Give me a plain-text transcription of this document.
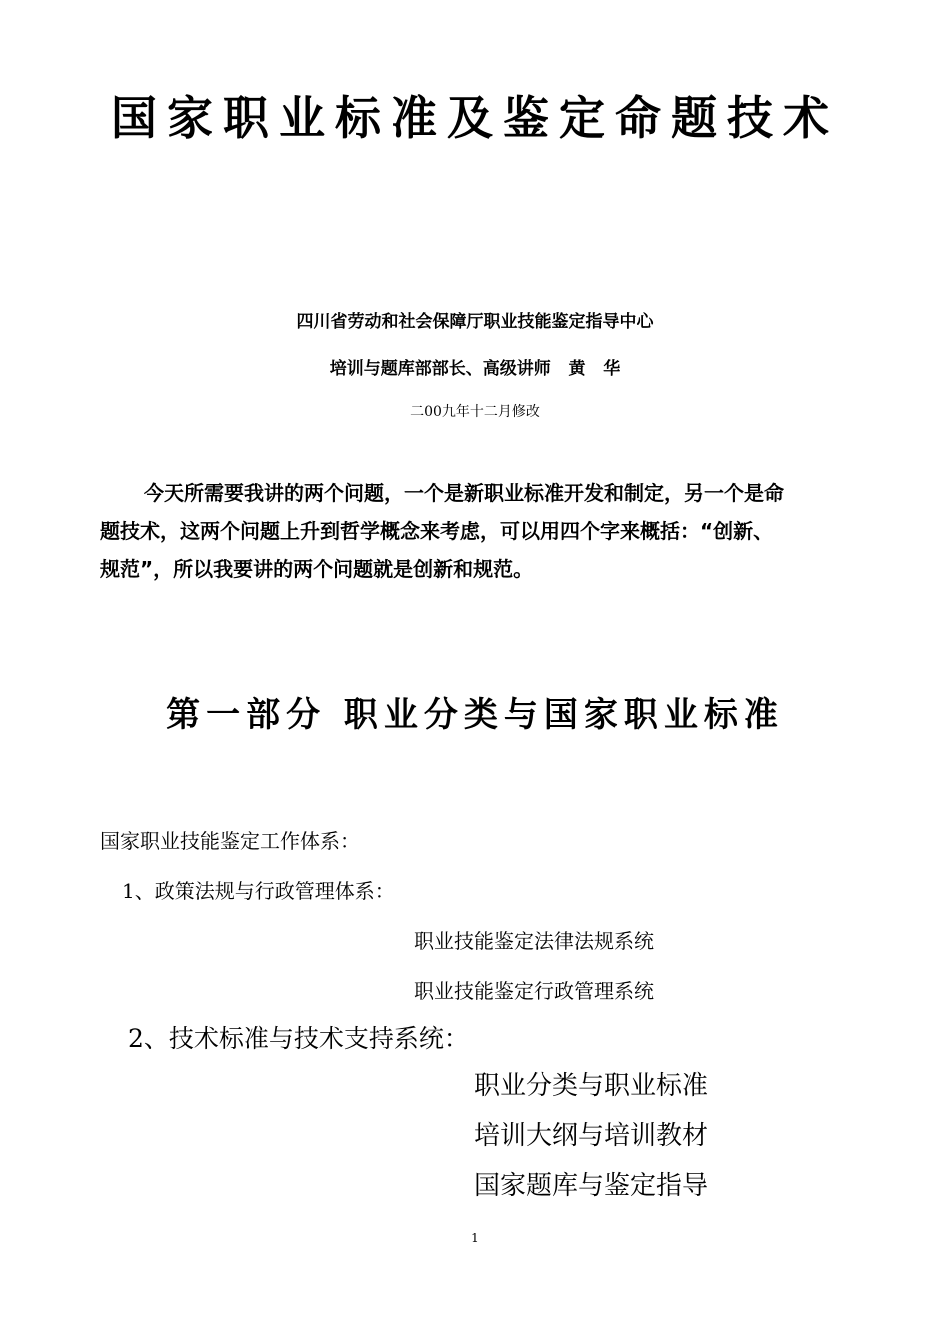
国家职业标准及鉴定命题技术
四川省劳动和社会保障厅职业技能鉴定指导中心
培训与题库部部长、高级讲师   黄   华
二00九年十二月修改
今天所需要我讲的两个问题，一个是新职业标准开发和制定，另一个是命
题技术，这两个问题上升到哲学概念来考虑，可以用四个字来概括：“创新、
规范”，所以我要讲的两个问题就是创新和规范。
第一部分 职业分类与国家职业标准
国家职业技能鉴定工作体系：
1、政策法规与行政管理体系：
职业技能鉴定法律法规系统
职业技能鉴定行政管理系统
2、技术标准与技术支持系统：
职业分类与职业标准
培训大纲与培训教材
国家题库与鉴定指导
1
